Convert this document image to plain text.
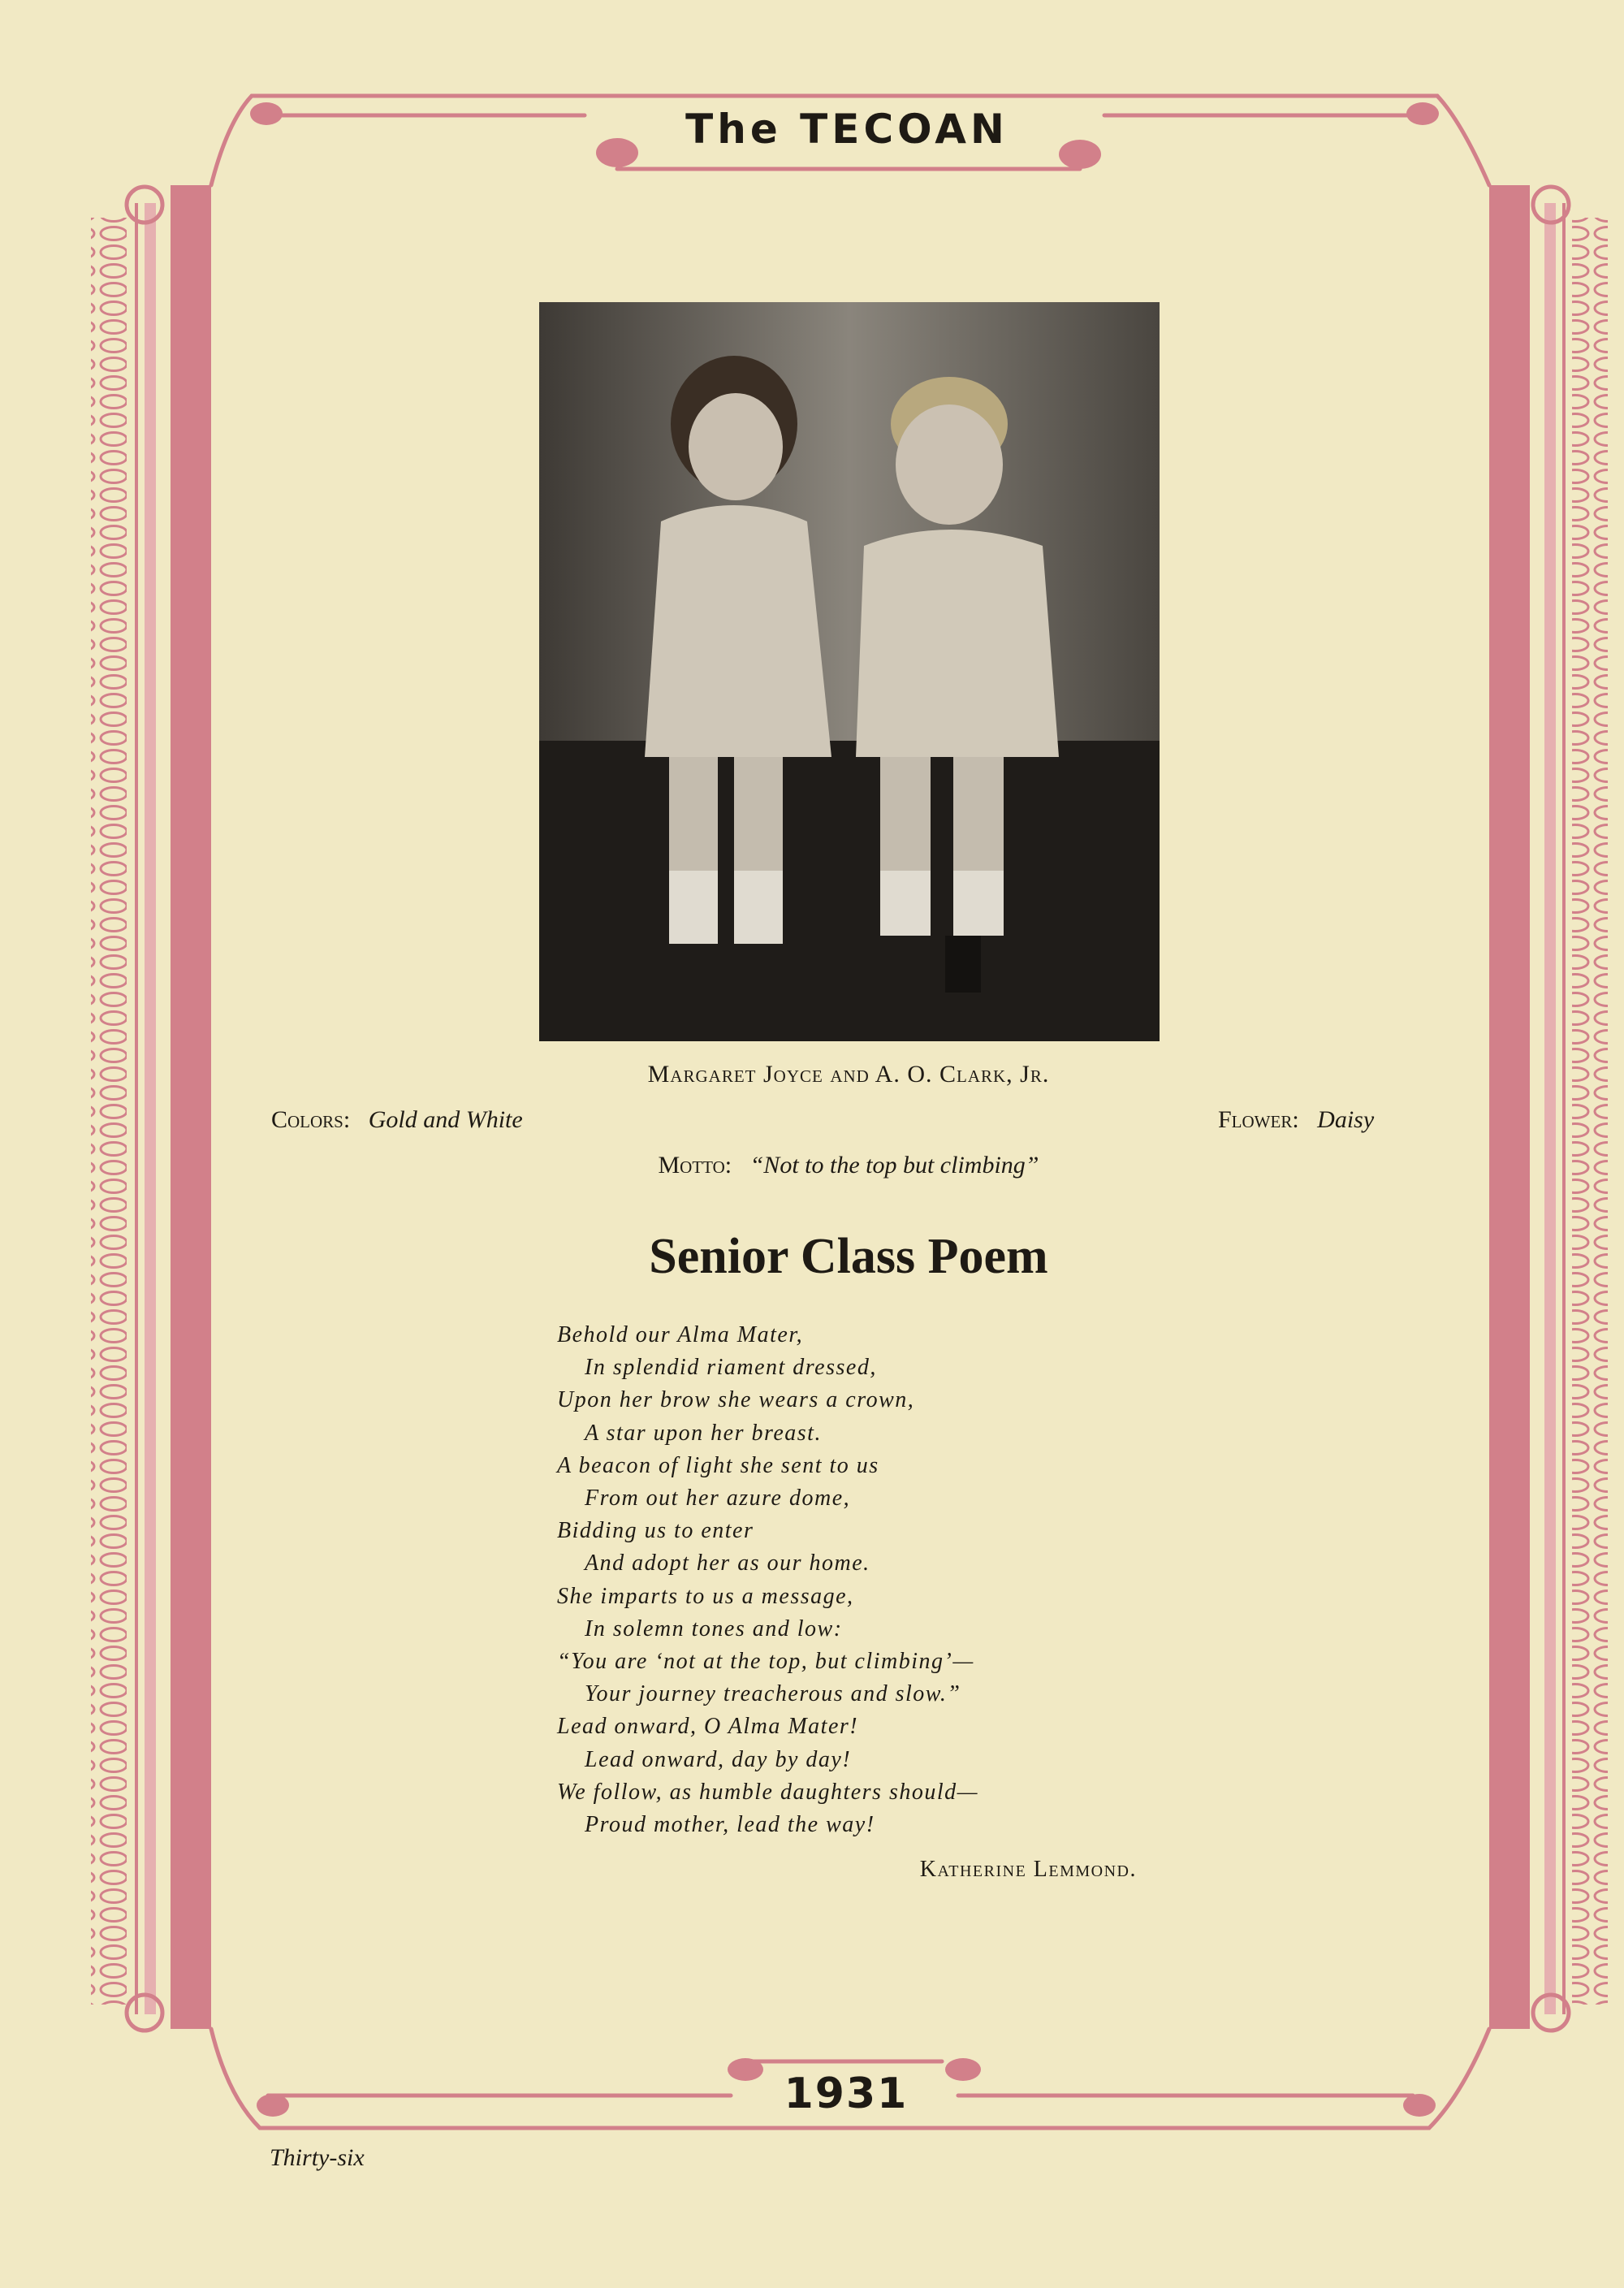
The TECOAN

Margaret Joyce and A. O. Clark, Jr.

Colors: Gold and White	Flower: Daisy

Motto: “Not to the top but climbing”

Senior Class Poem
Behold our Alma Mater,
In splendid riament dressed,
Upon her brow she wears a crown,
A star upon her breast.
A beacon of light she sent to us
From out her azure dome,
Bidding us to enter
And adopt her as our home.
She imparts to us a message,
In solemn tones and low:
“You are ‘not at the top, but climbing’—
Your journey treacherous and slow.”
Lead onward, O Alma Mater!
Lead onward, day by day!
We follow, as humble daughters should—
Proud mother, lead the way!

Katherine Lemmond.

1931
Thirty-six
